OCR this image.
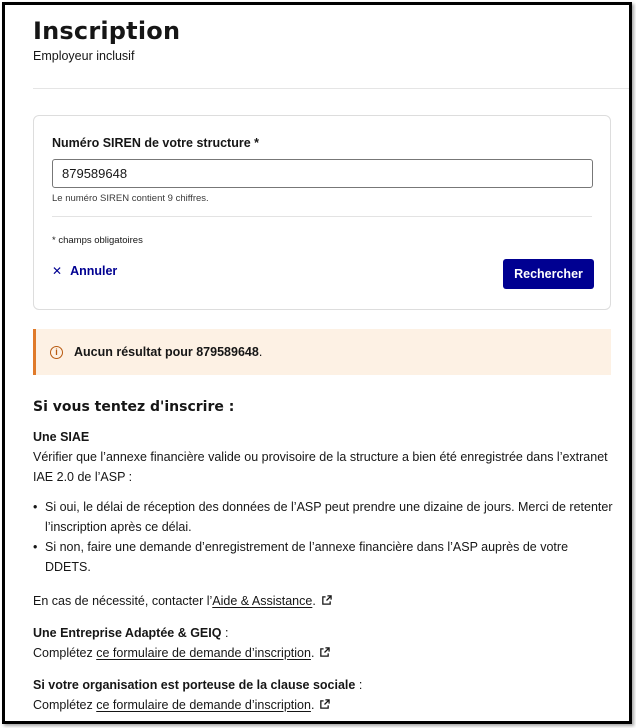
Inscription
Employeur inclusif
Numéro SIREN de votre structure *
879589648
Le numéro SIREN contient 9 chiffres.
* champs obligatoires
✕ Annuler	Rechercher
i	Aucun résultat pour 879589648.
Si vous tentez d'inscrire :
Une SIAE
Vérifier que l’annexe financière valide ou provisoire de la structure a bien été enregistrée dans l’extranet IAE 2.0 de l’ASP :
• Si oui, le délai de réception des données de l’ASP peut prendre une dizaine de jours. Merci de retenter l’inscription après ce délai.
• Si non, faire une demande d’enregistrement de l’annexe financière dans l’ASP auprès de votre DDETS.
En cas de nécessité, contacter l’Aide & Assistance.
Une Entreprise Adaptée & GEIQ :
Complétez ce formulaire de demande d’inscription.
Si votre organisation est porteuse de la clause sociale :
Complétez ce formulaire de demande d’inscription.
